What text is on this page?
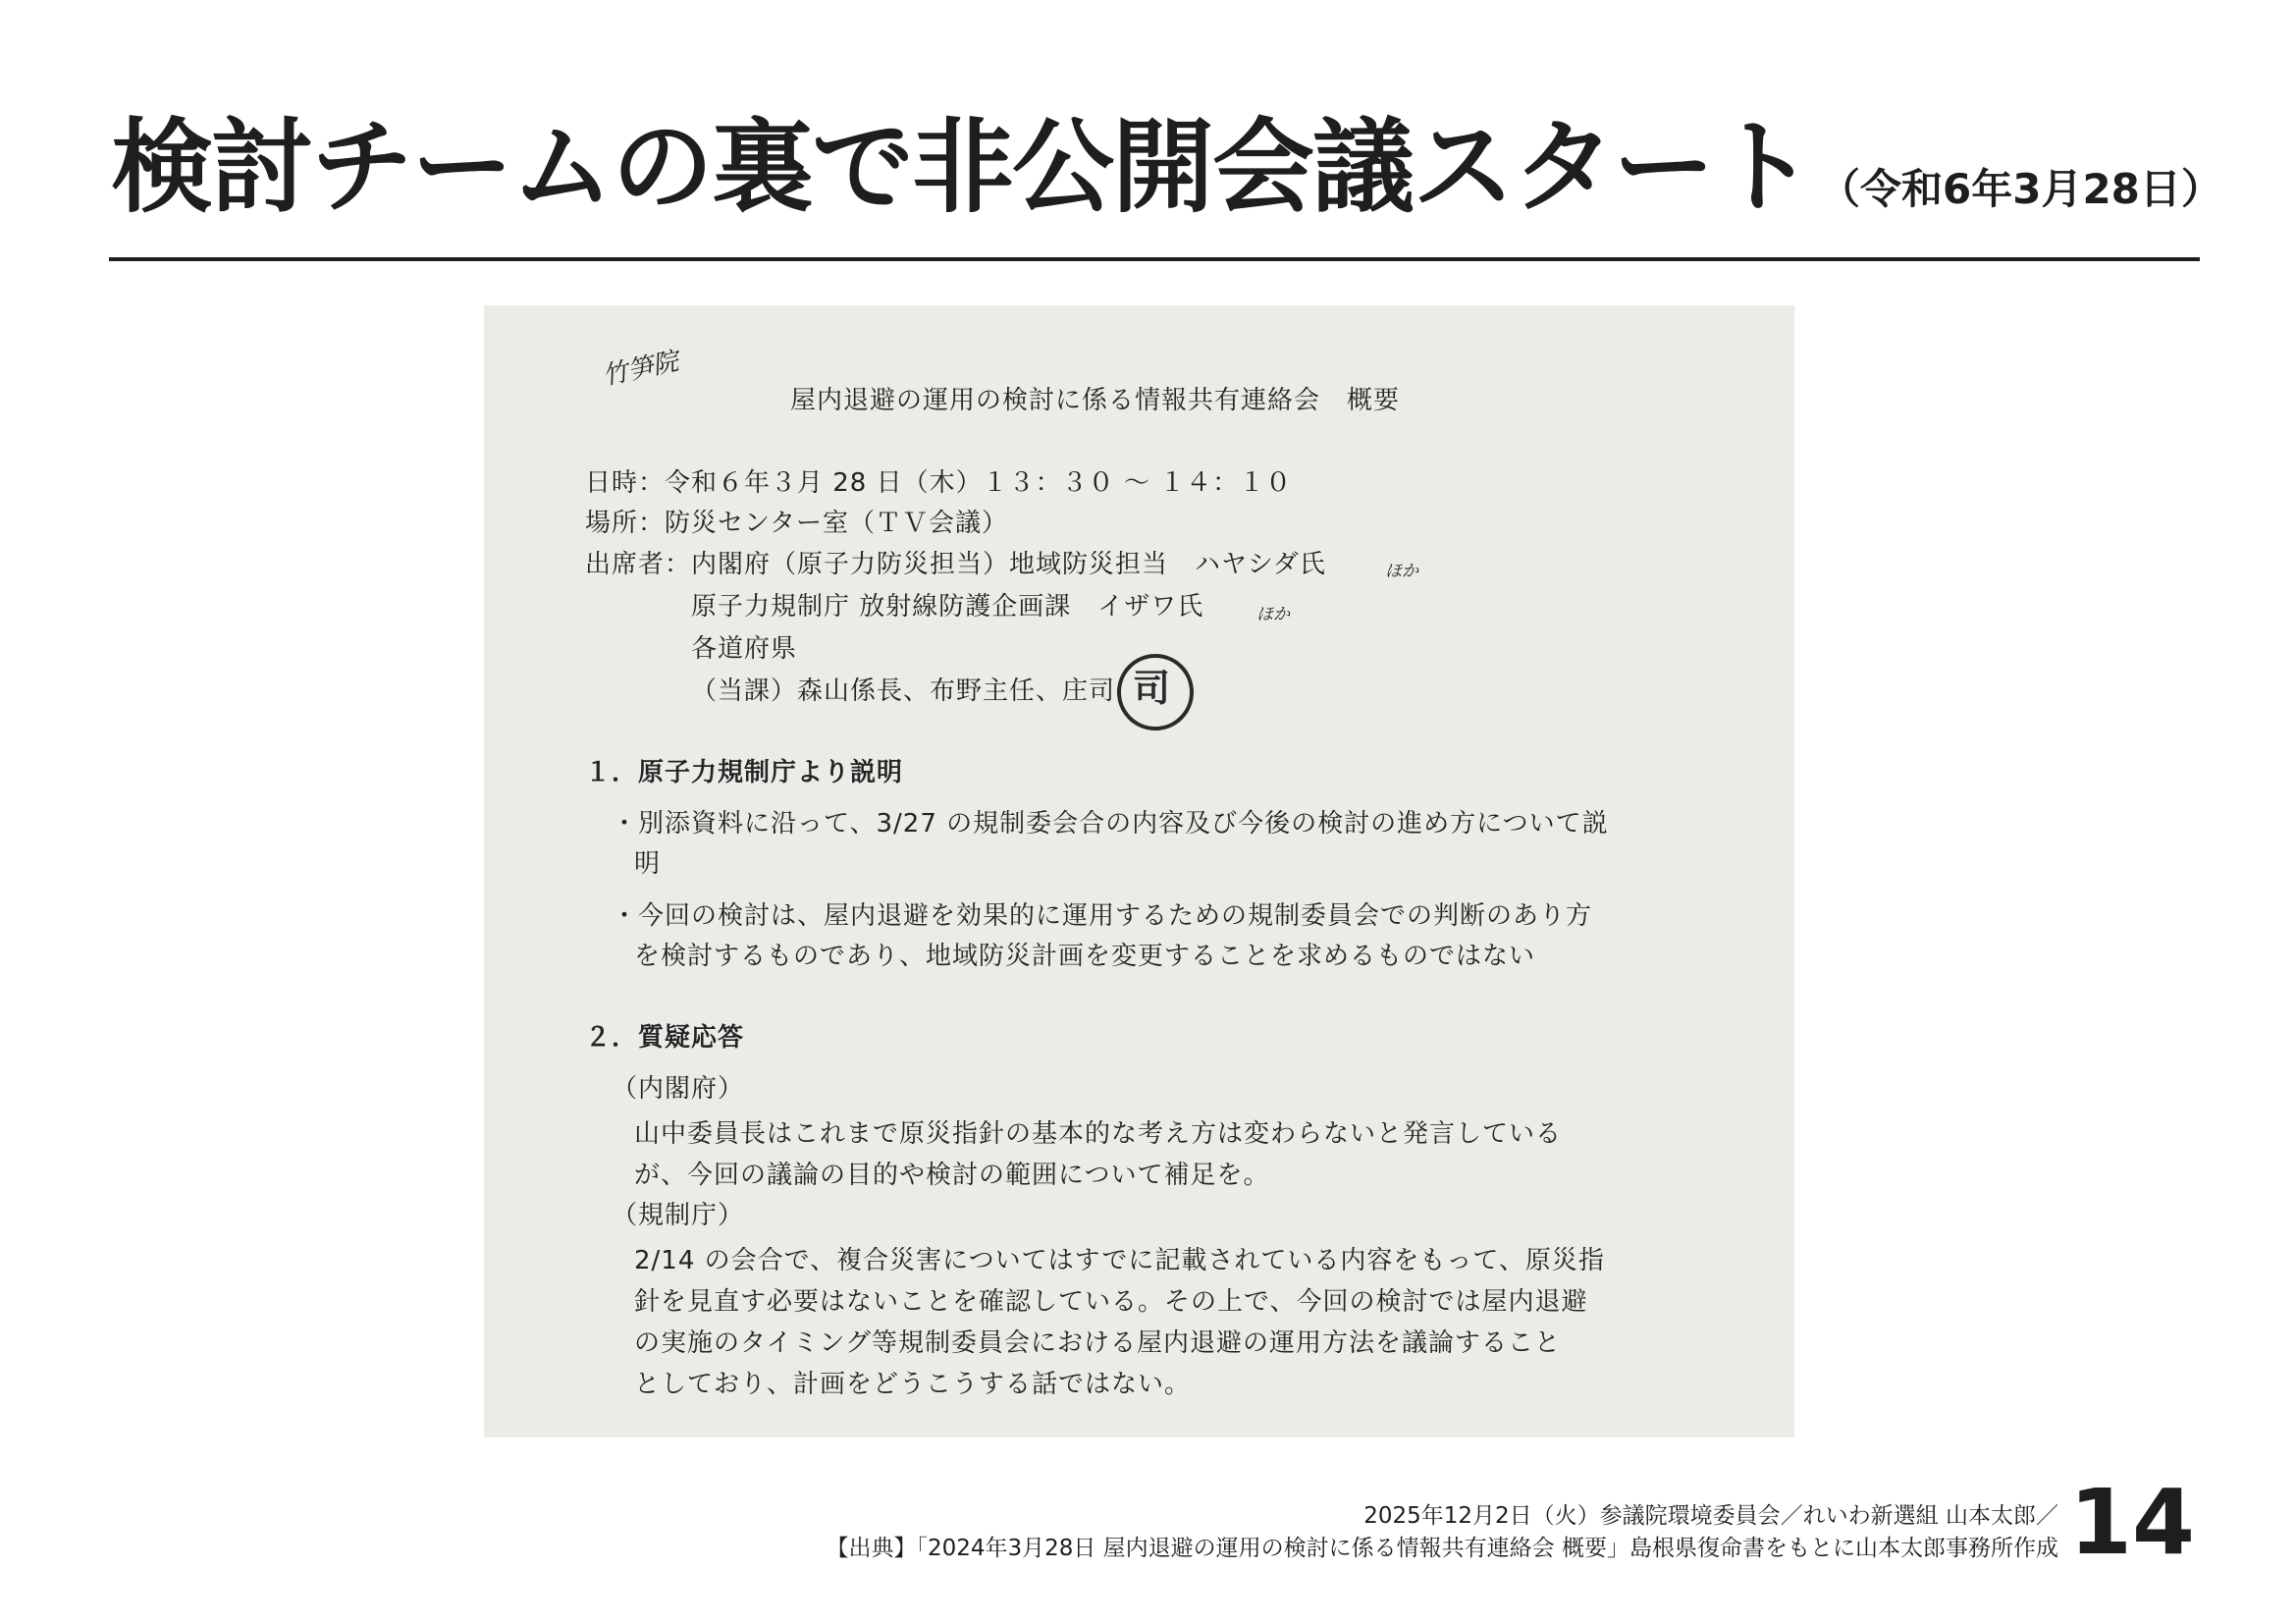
検討チームの裏で非公開会議スタート （令和6年3月28日）
竹笋院
屋内退避の運用の検討に係る情報共有連絡会　概要
日時：令和６年３月 28 日（木）１３：３０ ～ １４：１０
場所：防災センター室（ＴＶ会議）
出席者：内閣府（原子力防災担当）地域防災担当　ハヤシダ氏	ほか
原子力規制庁 放射線防護企画課　イザワ氏	ほか
各道府県
（当課）森山係長、布野主任、庄司 司
１．原子力規制庁より説明
・別添資料に沿って、3/27 の規制委会合の内容及び今後の検討の進め方について説
明
・今回の検討は、屋内退避を効果的に運用するための規制委員会での判断のあり方
を検討するものであり、地域防災計画を変更することを求めるものではない
２．質疑応答
（内閣府）
山中委員長はこれまで原災指針の基本的な考え方は変わらないと発言している
が、今回の議論の目的や検討の範囲について補足を。
（規制庁）
2/14 の会合で、複合災害についてはすでに記載されている内容をもって、原災指
針を見直す必要はないことを確認している。その上で、今回の検討では屋内退避
の実施のタイミング等規制委員会における屋内退避の運用方法を議論すること
としており、計画をどうこうする話ではない。
2025年12月2日（火）参議院環境委員会／れいわ新選組 山本太郎／
【出典】「2024年3月28日 屋内退避の運用の検討に係る情報共有連絡会 概要」島根県復命書をもとに山本太郎事務所作成 14
